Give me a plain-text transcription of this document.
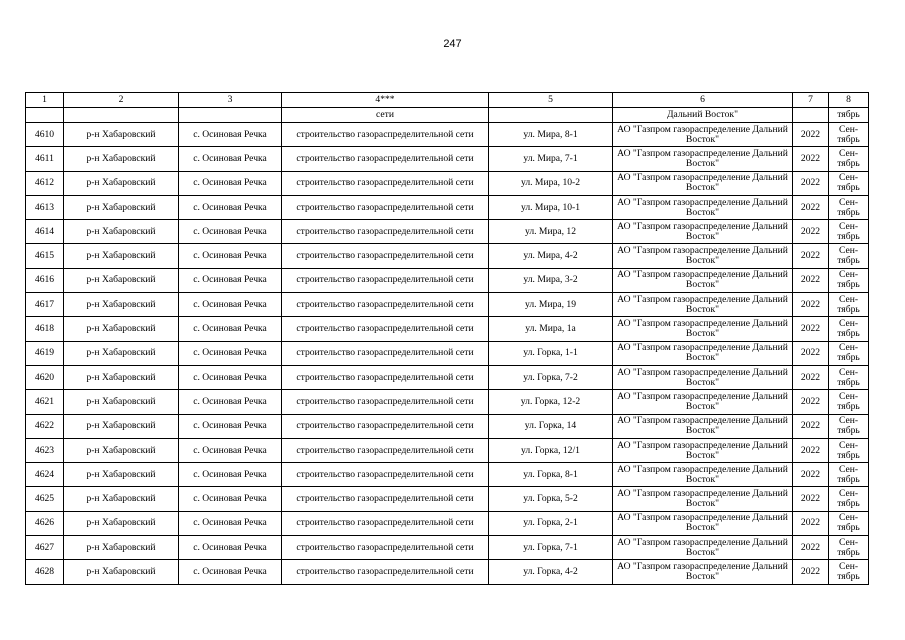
247
1	2	3	4***	5	6	7	8
			сети		Дальний Восток"		тябрь
4610	р-н Хабаровский	с. Осиновая Речка	строительство газораспределительной сети	ул. Мира, 8-1	АО "Газпром газораспределение Дальний Восток"	2022	Сен-тябрь
4611	р-н Хабаровский	с. Осиновая Речка	строительство газораспределительной сети	ул. Мира, 7-1	АО "Газпром газораспределение Дальний Восток"	2022	Сен-тябрь
4612	р-н Хабаровский	с. Осиновая Речка	строительство газораспределительной сети	ул. Мира, 10-2	АО "Газпром газораспределение Дальний Восток"	2022	Сен-тябрь
4613	р-н Хабаровский	с. Осиновая Речка	строительство газораспределительной сети	ул. Мира, 10-1	АО "Газпром газораспределение Дальний Восток"	2022	Сен-тябрь
4614	р-н Хабаровский	с. Осиновая Речка	строительство газораспределительной сети	ул. Мира, 12	АО "Газпром газораспределение Дальний Восток"	2022	Сен-тябрь
4615	р-н Хабаровский	с. Осиновая Речка	строительство газораспределительной сети	ул. Мира, 4-2	АО "Газпром газораспределение Дальний Восток"	2022	Сен-тябрь
4616	р-н Хабаровский	с. Осиновая Речка	строительство газораспределительной сети	ул. Мира, 3-2	АО "Газпром газораспределение Дальний Восток"	2022	Сен-тябрь
4617	р-н Хабаровский	с. Осиновая Речка	строительство газораспределительной сети	ул. Мира, 19	АО "Газпром газораспределение Дальний Восток"	2022	Сен-тябрь
4618	р-н Хабаровский	с. Осиновая Речка	строительство газораспределительной сети	ул. Мира, 1а	АО "Газпром газораспределение Дальний Восток"	2022	Сен-тябрь
4619	р-н Хабаровский	с. Осиновая Речка	строительство газораспределительной сети	ул. Горка, 1-1	АО "Газпром газораспределение Дальний Восток"	2022	Сен-тябрь
4620	р-н Хабаровский	с. Осиновая Речка	строительство газораспределительной сети	ул. Горка, 7-2	АО "Газпром газораспределение Дальний Восток"	2022	Сен-тябрь
4621	р-н Хабаровский	с. Осиновая Речка	строительство газораспределительной сети	ул. Горка, 12-2	АО "Газпром газораспределение Дальний Восток"	2022	Сен-тябрь
4622	р-н Хабаровский	с. Осиновая Речка	строительство газораспределительной сети	ул. Горка, 14	АО "Газпром газораспределение Дальний Восток"	2022	Сен-тябрь
4623	р-н Хабаровский	с. Осиновая Речка	строительство газораспределительной сети	ул. Горка, 12/1	АО "Газпром газораспределение Дальний Восток"	2022	Сен-тябрь
4624	р-н Хабаровский	с. Осиновая Речка	строительство газораспределительной сети	ул. Горка, 8-1	АО "Газпром газораспределение Дальний Восток"	2022	Сен-тябрь
4625	р-н Хабаровский	с. Осиновая Речка	строительство газораспределительной сети	ул. Горка, 5-2	АО "Газпром газораспределение Дальний Восток"	2022	Сен-тябрь
4626	р-н Хабаровский	с. Осиновая Речка	строительство газораспределительной сети	ул. Горка, 2-1	АО "Газпром газораспределение Дальний Восток"	2022	Сен-тябрь
4627	р-н Хабаровский	с. Осиновая Речка	строительство газораспределительной сети	ул. Горка, 7-1	АО "Газпром газораспределение Дальний Восток"	2022	Сен-тябрь
4628	р-н Хабаровский	с. Осиновая Речка	строительство газораспределительной сети	ул. Горка, 4-2	АО "Газпром газораспределение Дальний Восток"	2022	Сен-тябрь
